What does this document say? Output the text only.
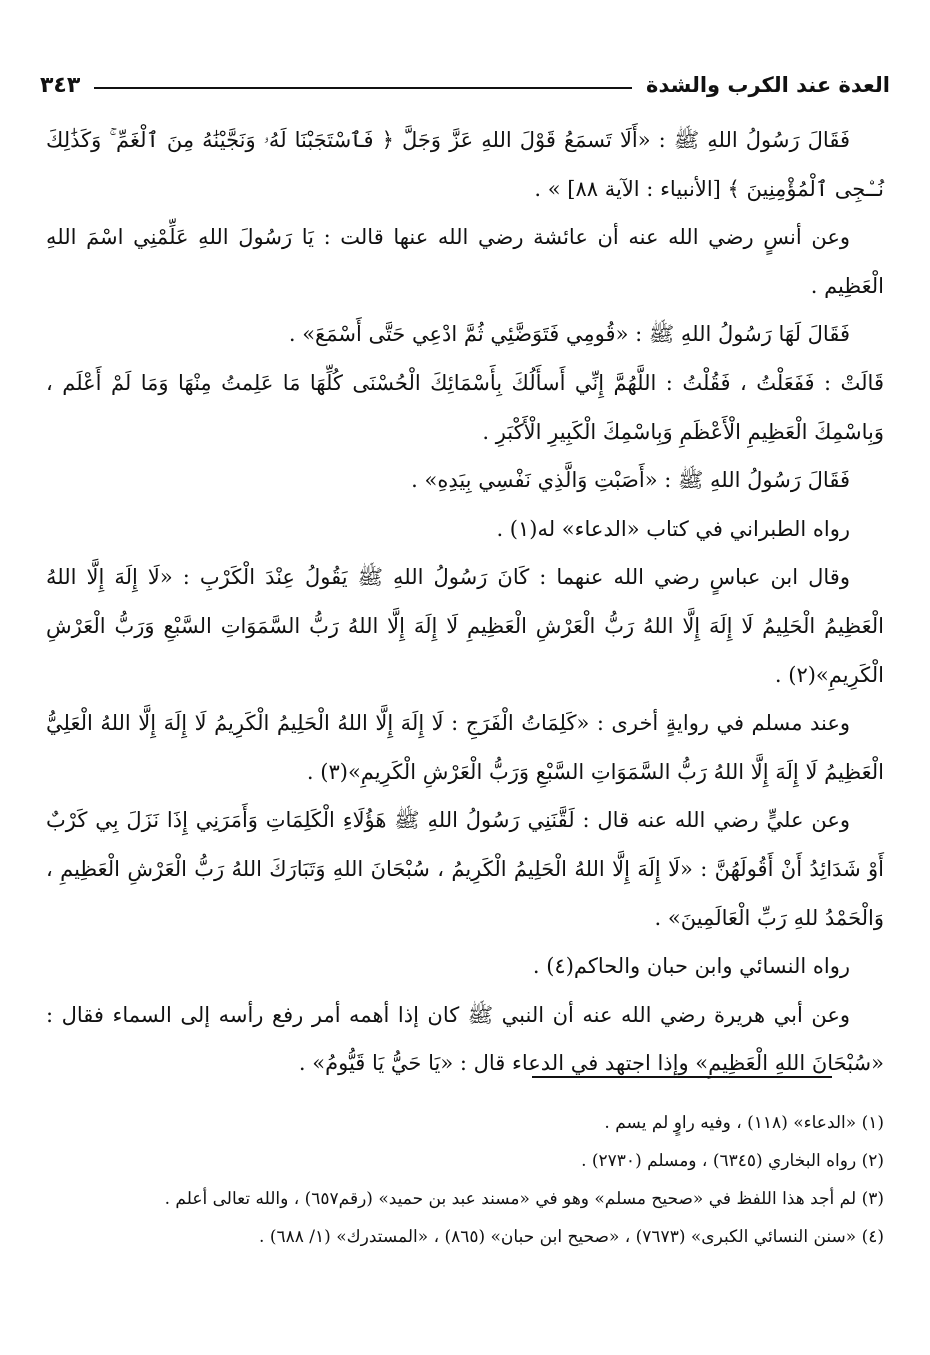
العدة عند الكرب والشدة
٣٤٣

فَقَالَ رَسُولُ اللهِ ﷺ : «أَلَا تَسمَعُ قَوْلَ اللهِ عَزَّ وَجَلَّ ﴿ فَٱسْتَجَبْنَا لَهُۥ وَنَجَّيْنَٰهُ مِنَ ٱلْغَمِّ ۚ وَكَذَٰلِكَ نُـۨجِى ٱلْمُؤْمِنِينَ ﴾ [الأنبياء : الآية ٨٨] » .

وعن أنسٍ رضي الله عنه أن عائشة رضي الله عنها قالت : يَا رَسُولَ اللهِ عَلِّمْنِي اسْمَ اللهِ الْعَظِيم .

فَقَالَ لَهَا رَسُولُ اللهِ ﷺ : «قُومِي فَتَوَضَّئِي ثُمَّ ادْعِي حَتَّى أَسْمَعَ» .

قَالَتْ : فَفَعَلْتُ ، فَقُلْتُ : اللَّهُمَّ إِنِّي أَسأَلُكَ بِأَسْمَائِكَ الْحُسْنَى كُلِّهَا مَا عَلِمتُ مِنْهَا وَمَا لَمْ أَعْلَم ، وَبِاسْمِكَ الْعَظِيمِ الْأَعْظَمِ وَبِاسْمِكَ الْكَبِيرِ الْأَكْبَرِ .

فَقَالَ رَسُولُ اللهِ ﷺ : «أَصَبْتِ وَالَّذِي نَفْسِي بِيَدِهِ» .

رواه الطبراني في كتاب «الدعاء» له(١) .

وقال ابن عباسٍ رضي الله عنهما : كَانَ رَسُولُ اللهِ ﷺ يَقُولُ عِنْدَ الْكَرْبِ : «لَا إِلَهَ إِلَّا اللهُ الْعَظِيمُ الْحَلِيمُ لَا إِلَهَ إِلَّا اللهُ رَبُّ الْعَرْشِ الْعَظِيمِ لَا إِلَهَ إِلَّا اللهُ رَبُّ السَّمَوَاتِ السَّبْعِ وَرَبُّ الْعَرْشِ الْكَرِيمِ»(٢) .

وعند مسلم في روايةٍ أخرى : «كَلِمَاتُ الْفَرَجِ : لَا إِلَهَ إِلَّا اللهُ الْحَلِيمُ الْكَرِيمُ لَا إِلَهَ إِلَّا اللهُ الْعَلِيُّ الْعَظِيمُ لَا إِلَهَ إِلَّا اللهُ رَبُّ السَّمَوَاتِ السَّبْعِ وَرَبُّ الْعَرْشِ الْكَرِيمِ»(٣) .

وعن عليٍّ رضي الله عنه قال : لَقَّنَنِي رَسُولُ اللهِ ﷺ هَؤُلَاءِ الْكَلِمَاتِ وَأَمَرَنِي إِذَا نَزَلَ بِي كَرْبٌ أَوْ شَدَائِدُ أَنْ أَقُولَهُنَّ : «لَا إِلَهَ إِلَّا اللهُ الْحَلِيمُ الْكَرِيمُ ، سُبْحَانَ اللهِ وَتَبَارَكَ اللهُ رَبُّ الْعَرْشِ الْعَظِيمِ ، وَالْحَمْدُ للهِ رَبِّ الْعَالَمِينَ» .

رواه النسائي وابن حبان والحاكم(٤) .

وعن أبي هريرة رضي الله عنه أن النبي ﷺ كان إذا أهمه أمر رفع رأسه إلى السماء فقال : «سُبْحَانَ اللهِ الْعَظِيمِ» وإذا اجتهد في الدعاء قال : «يَا حَيُّ يَا قَيُّومُ» .

(١) «الدعاء» (١١٨) ، وفيه راوٍ لم يسم .

(٢) رواه البخاري (٦٣٤٥) ، ومسلم (٢٧٣٠) .

(٣) لم أجد هذا اللفظ في «صحيح مسلم» وهو في «مسند عبد بن حميد» (رقم٦٥٧) ، والله تعالى أعلم .

(٤) «سنن النسائي الكبرى» (٧٦٧٣) ، «صحيح ابن حبان» (٨٦٥) ، «المستدرك» (١/ ٦٨٨) .
